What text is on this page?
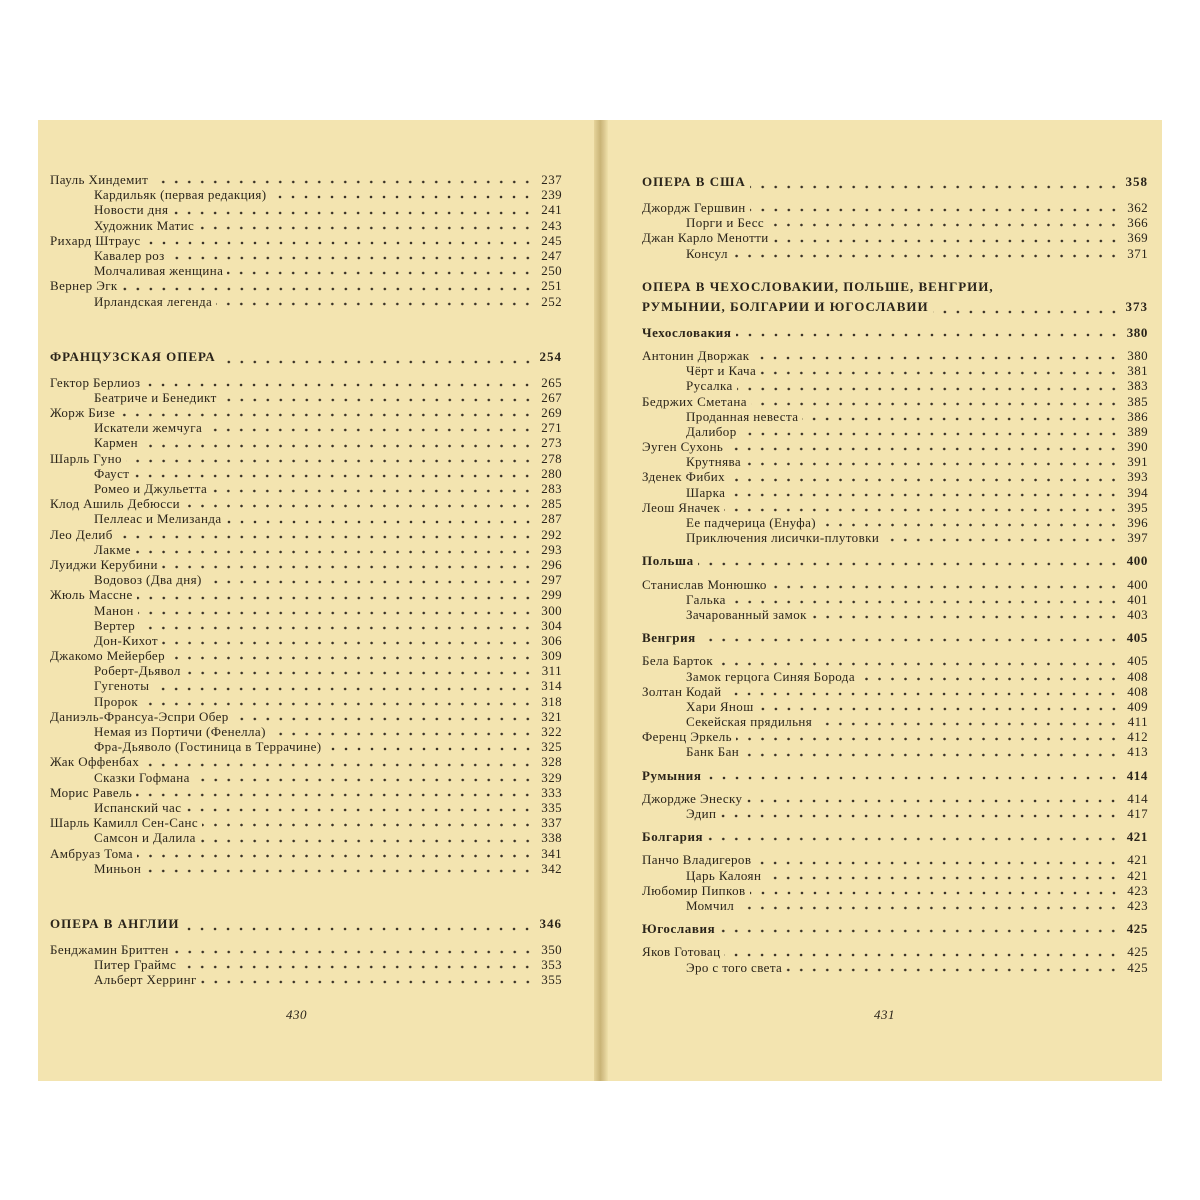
Пауль Хиндемит	237
Кардильяк (первая редакция)	239
Новости дня	241
Художник Матис	243
Рихард Штраус	245
Кавалер роз	247
Молчаливая женщина	250
Вернер Эгк	251
Ирландская легенда	252
ФРАНЦУЗСКАЯ ОПЕРА	254
Гектор Берлиоз	265
Беатриче и Бенедикт	267
Жорж Бизе	269
Искатели жемчуга	271
Кармен	273
Шарль Гуно	278
Фауст	280
Ромео и Джульетта	283
Клод Ашиль Дебюсси	285
Пеллеас и Мелизанда	287
Лео Делиб	292
Лакме	293
Луиджи Керубини	296
Водовоз (Два дня)	297
Жюль Массне	299
Манон	300
Вертер	304
Дон-Кихот	306
Джакомо Мейербер	309
Роберт-Дьявол	311
Гугеноты	314
Пророк	318
Даниэль-Франсуа-Эспри Обер	321
Немая из Портичи (Фенелла)	322
Фра-Дьяволо (Гостиница в Террачине)	325
Жак Оффенбах	328
Сказки Гофмана	329
Морис Равель	333
Испанский час	335
Шарль Камилл Сен-Санс	337
Самсон и Далила	338
Амбруаз Тома	341
Миньон	342
ОПЕРА В АНГЛИИ	346
Бенджамин Бриттен	350
Питер Граймс	353
Альберт Херринг	355
430
ОПЕРА В США	358
Джордж Гершвин	362
Порги и Бесс	366
Джан Карло Менотти	369
Консул	371
ОПЕРА В ЧЕХОСЛОВАКИИ, ПОЛЬШЕ, ВЕНГРИИ,
РУМЫНИИ, БОЛГАРИИ И ЮГОСЛАВИИ	373
Чехословакия	380
Антонин Дворжак	380
Чёрт и Кача	381
Русалка	383
Бедржих Сметана	385
Проданная невеста	386
Далибор	389
Эуген Сухонь	390
Крутнява	391
Зденек Фибих	393
Шарка	394
Леош Яначек	395
Ее падчерица (Енуфа)	396
Приключения лисички-плутовки	397
Польша	400
Станислав Монюшко	400
Галька	401
Зачарованный замок	403
Венгрия	405
Бела Барток	405
Замок герцога Синяя Борода	408
Золтан Кодай	408
Хари Янош	409
Секейская прядильня	411
Ференц Эркель	412
Банк Бан	413
Румыния	414
Джордже Энеску	414
Эдип	417
Болгария	421
Панчо Владигеров	421
Царь Калоян	421
Любомир Пипков	423
Момчил	423
Югославия	425
Яков Готовац	425
Эро с того света	425
431
